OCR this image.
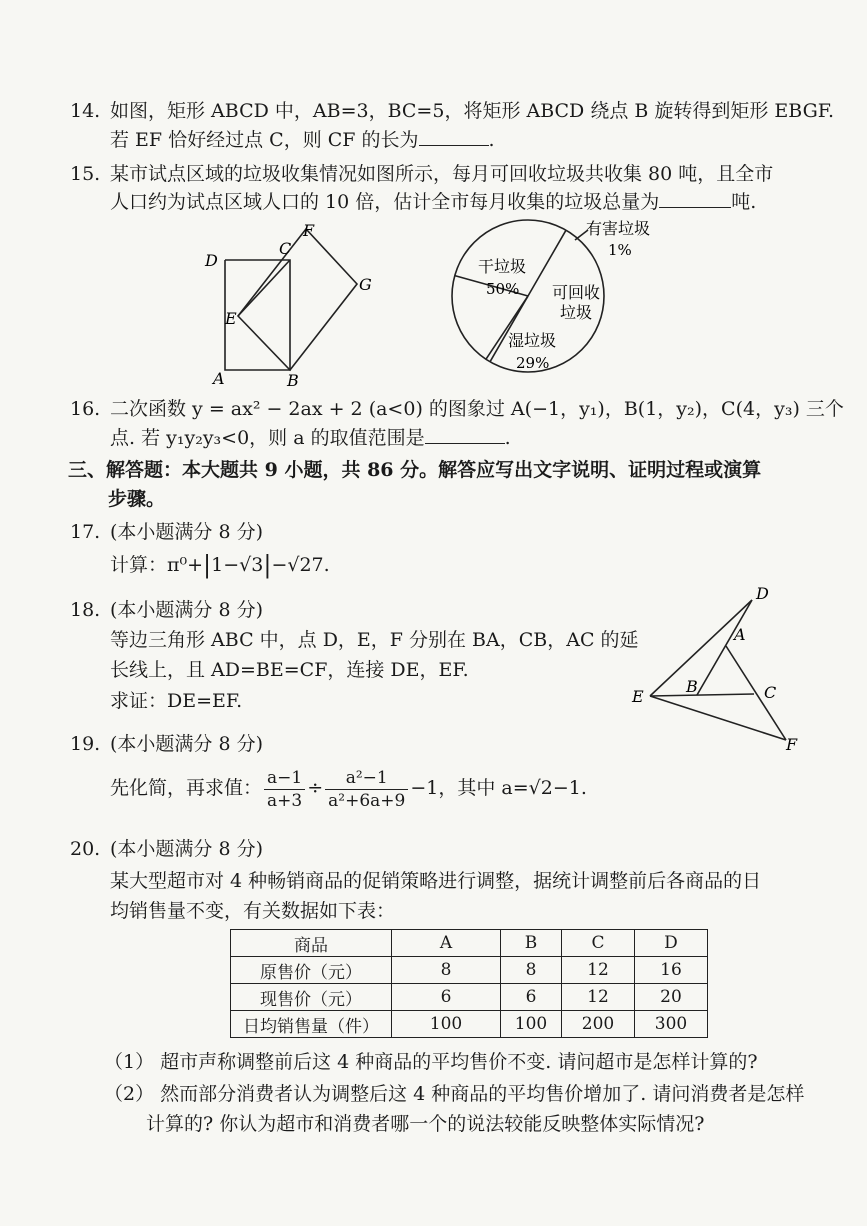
14. 如图，矩形 ABCD 中，AB=3，BC=5，将矩形 ABCD 绕点 B 旋转得到矩形 EBGF.
若 EF 恰好经过点 C，则 CF 的长为	.
15. 某市试点区域的垃圾收集情况如图所示，每月可回收垃圾共收集 80 吨，且全市
人口约为试点区域人口的 10 倍，估计全市每月收集的垃圾总量为	吨.
D
C
F
G
E
A	B
干垃圾
50%
有害垃圾
1%
可回收
垃圾
湿垃圾
29%
16. 二次函数 y = ax² − 2ax + 2 (a<0) 的图象过 A(−1，y₁)，B(1，y₂)，C(4，y₃) 三个
点. 若 y₁y₂y₃<0，则 a 的取值范围是	.
三、解答题：本大题共 9 小题，共 86 分。解答应写出文字说明、证明过程或演算
步骤。
17. (本小题满分 8 分)
计算：π⁰+|1−√3|−√27.
18. (本小题满分 8 分)
等边三角形 ABC 中，点 D，E，F 分别在 BA，CB，AC 的延
长线上，且 AD=BE=CF，连接 DE，EF.
求证：DE=EF.
D
A
B	C
E
F
19. (本小题满分 8 分)
先化简，再求值： $\frac{a-1}{a+3} \div \frac{\text{a²−1}}{\text{a²+6a+9}} -1$，其中 a=√2−1.
20. (本小题满分 8 分)
某大型超市对 4 种畅销商品的促销策略进行调整，据统计调整前后各商品的日
均销售量不变，有关数据如下表：
商品	A	B	C	D
原售价（元）	8	8	12	16
现售价（元）	6	6	12	20
日均销售量（件）	100	100	200	300
（1） 超市声称调整前后这 4 种商品的平均售价不变. 请问超市是怎样计算的?
（2） 然而部分消费者认为调整后这 4 种商品的平均售价增加了. 请问消费者是怎样
计算的? 你认为超市和消费者哪一个的说法较能反映整体实际情况?
